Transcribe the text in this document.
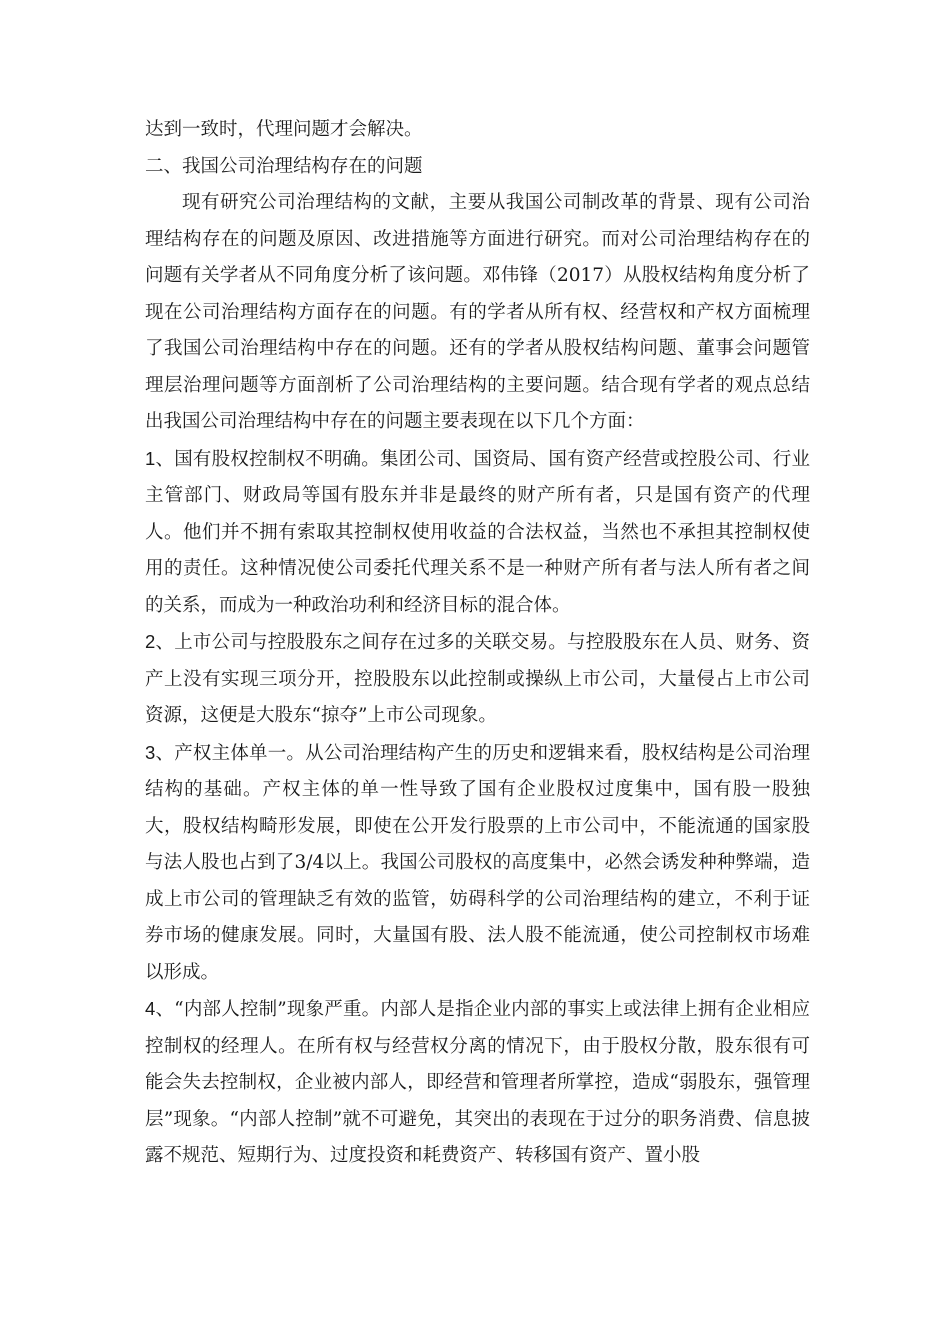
达到一致时，代理问题才会解决。

二、我国公司治理结构存在的问题

现有研究公司治理结构的文献，主要从我国公司制改革的背景、现有公司治理结构存在的问题及原因、改进措施等方面进行研究。而对公司治理结构存在的问题有关学者从不同角度分析了该问题。邓伟锋（2017）从股权结构角度分析了现在公司治理结构方面存在的问题。有的学者从所有权、经营权和产权方面梳理了我国公司治理结构中存在的问题。还有的学者从股权结构问题、董事会问题管理层治理问题等方面剖析了公司治理结构的主要问题。结合现有学者的观点总结出我国公司治理结构中存在的问题主要表现在以下几个方面：

1、国有股权控制权不明确。集团公司、国资局、国有资产经营或控股公司、行业主管部门、财政局等国有股东并非是最终的财产所有者，只是国有资产的代理人。他们并不拥有索取其控制权使用收益的合法权益，当然也不承担其控制权使用的责任。这种情况使公司委托代理关系不是一种财产所有者与法人所有者之间的关系，而成为一种政治功利和经济目标的混合体。

2、上市公司与控股股东之间存在过多的关联交易。与控股股东在人员、财务、资产上没有实现三项分开，控股股东以此控制或操纵上市公司，大量侵占上市公司资源，这便是大股东“掠夺”上市公司现象。

3、产权主体单一。从公司治理结构产生的历史和逻辑来看，股权结构是公司治理结构的基础。产权主体的单一性导致了国有企业股权过度集中，国有股一股独大，股权结构畸形发展，即使在公开发行股票的上市公司中，不能流通的国家股与法人股也占到了3/4以上。我国公司股权的高度集中，必然会诱发种种弊端，造成上市公司的管理缺乏有效的监管，妨碍科学的公司治理结构的建立，不利于证券市场的健康发展。同时，大量国有股、法人股不能流通，使公司控制权市场难以形成。

4、“内部人控制”现象严重。内部人是指企业内部的事实上或法律上拥有企业相应控制权的经理人。在所有权与经营权分离的情况下，由于股权分散，股东很有可能会失去控制权，企业被内部人，即经营和管理者所掌控，造成“弱股东，强管理层”现象。“内部人控制”就不可避免，其突出的表现在于过分的职务消费、信息披露不规范、短期行为、过度投资和耗费资产、转移国有资产、置小股
